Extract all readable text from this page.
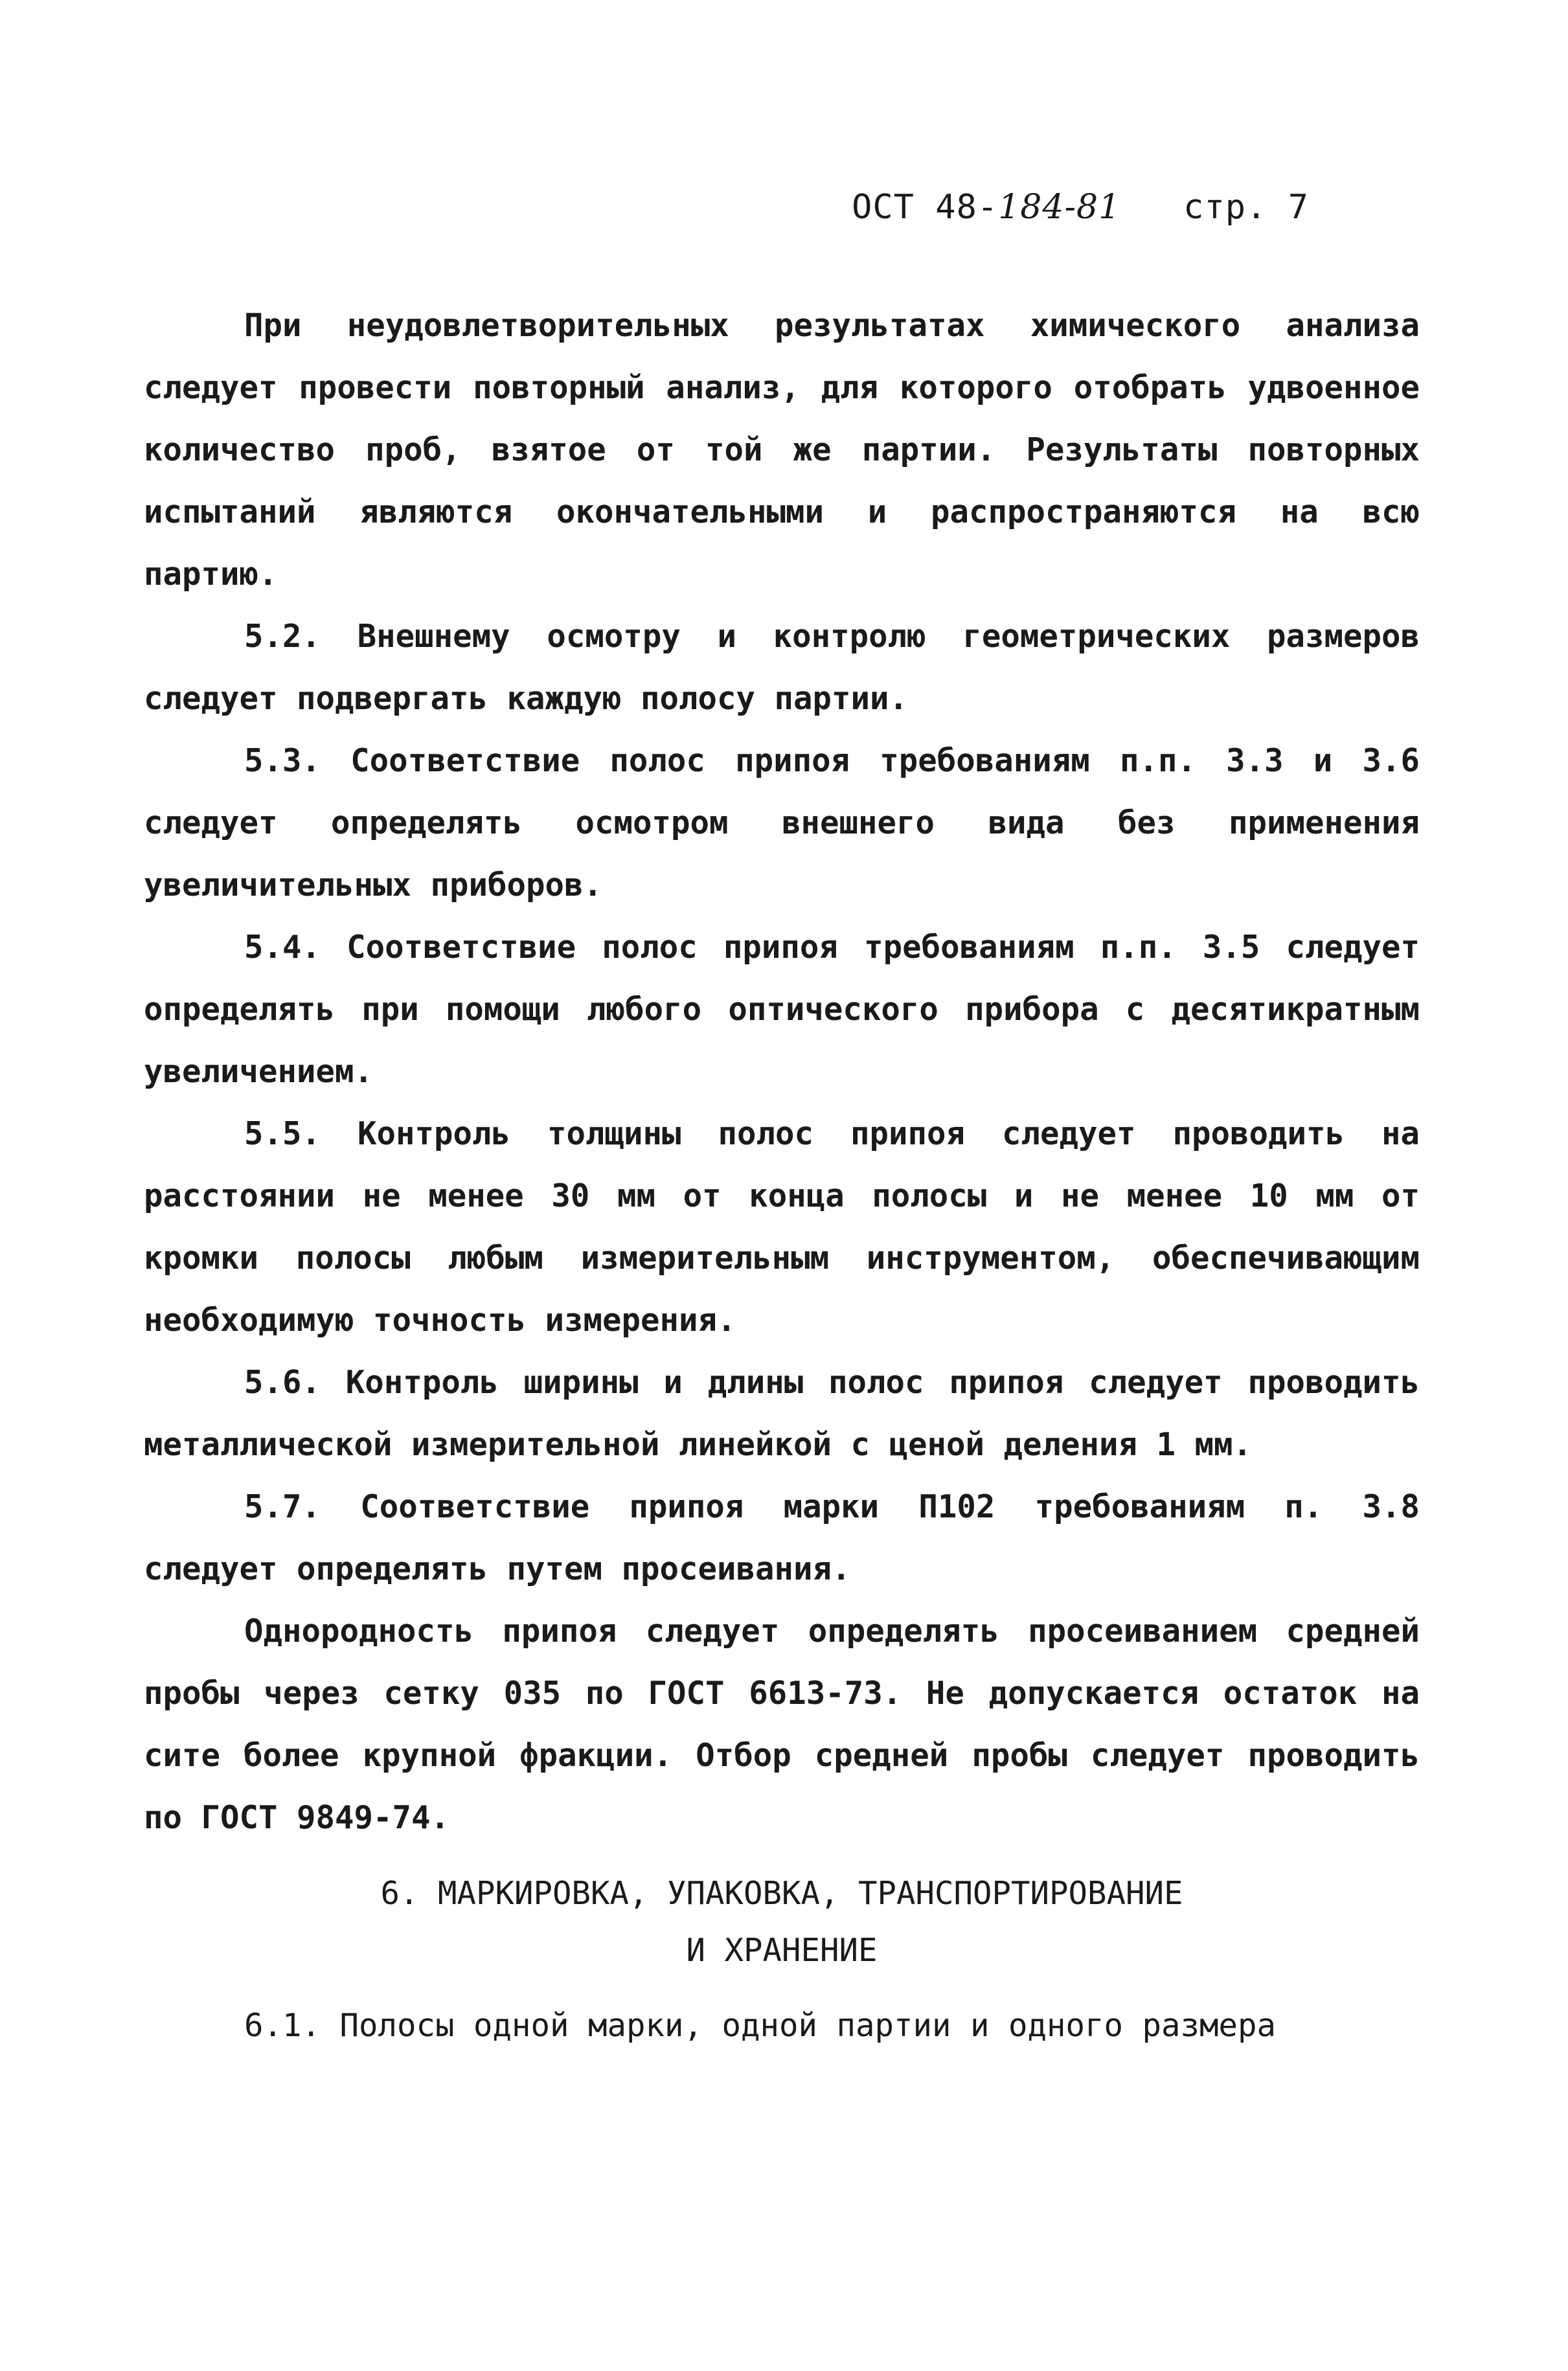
ОСТ 48-184-81 стр. 7

При неудовлетворительных результатах химического анализа следует провести повторный анализ, для которого отобрать удвоенное количество проб, взятое от той же партии. Результаты повторных испытаний являются окончательными и распространяются на всю партию.

5.2. Внешнему осмотру и контролю геометрических размеров следует подвергать каждую полосу партии.

5.3. Соответствие полос припоя требованиям п.п. 3.3 и 3.6 следует определять осмотром внешнего вида без применения увеличительных приборов.

5.4. Соответствие полос припоя требованиям п.п. 3.5 следует определять при помощи любого оптического прибора с десятикратным увеличением.

5.5. Контроль толщины полос припоя следует проводить на расстоянии не менее 30 мм от конца полосы и не менее 10 мм от кромки полосы любым измерительным инструментом, обеспечивающим необходимую точность измерения.

5.6. Контроль ширины и длины полос припоя следует проводить металлической измерительной линейкой с ценой деления 1 мм.

5.7. Соответствие припоя марки П102 требованиям п. 3.8 следует определять путем просеивания.

Однородность припоя следует определять просеиванием средней пробы через сетку 035 по ГОСТ 6613-73. Не допускается остаток на сите более крупной фракции. Отбор средней пробы следует проводить по ГОСТ 9849-74.

6. МАРКИРОВКА, УПАКОВКА, ТРАНСПОРТИРОВАНИЕ
И ХРАНЕНИЕ
6.1. Полосы одной марки, одной партии и одного размера
